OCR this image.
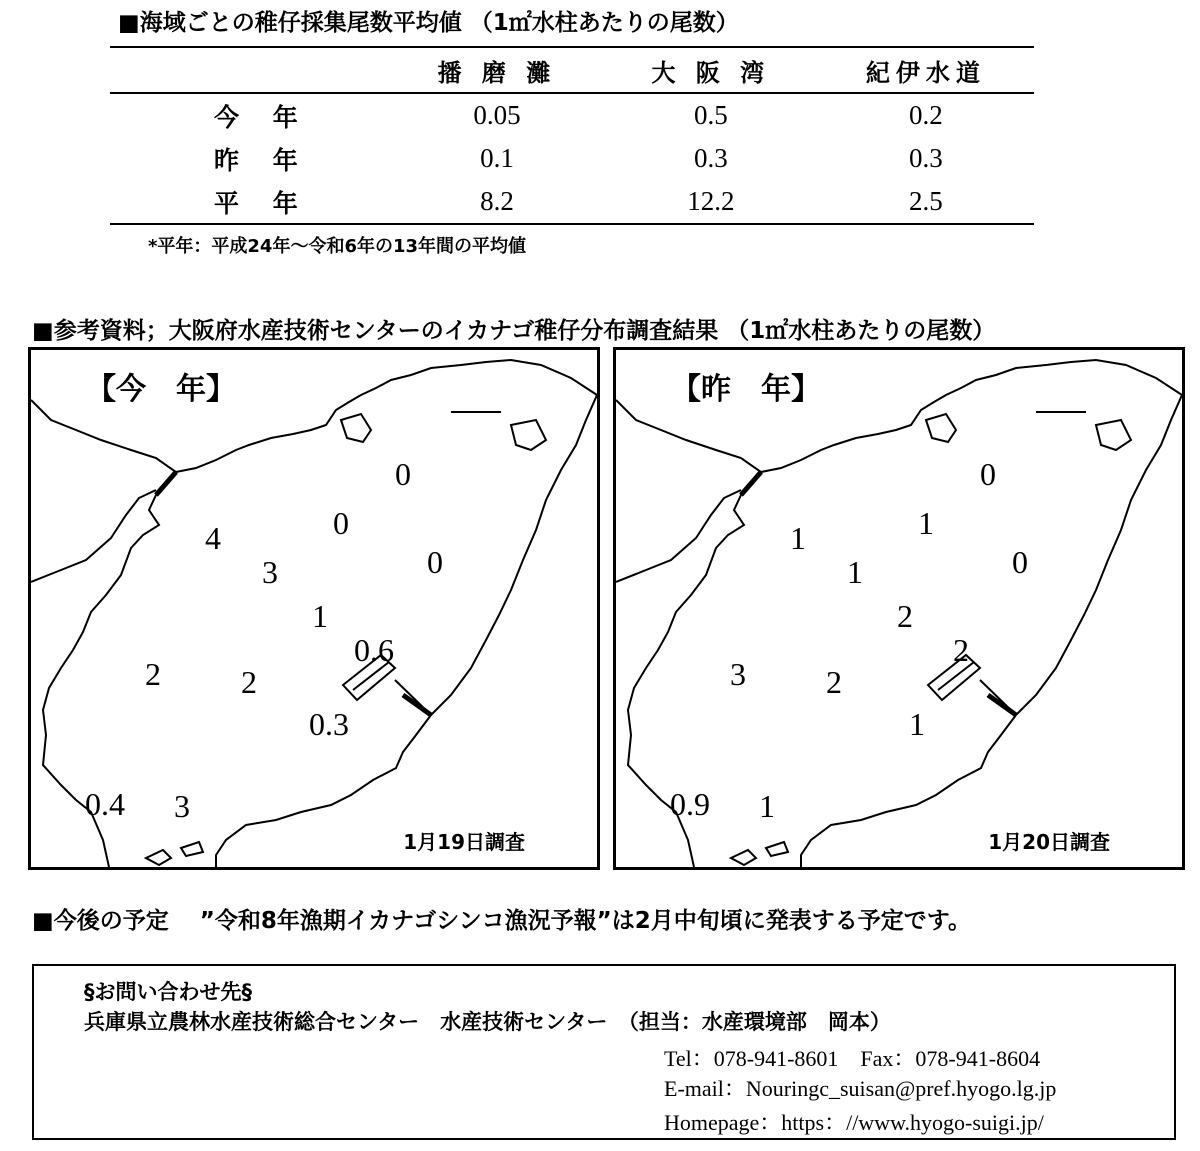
■海域ごとの稚仔採集尾数平均値 （1㎡水柱あたりの尾数）
	播 磨 灘	大 阪 湾	紀伊水道
今　 年	0.05	0.5	0.2
昨　 年	0.1	0.3	0.3
平　 年	8.2	12.2	2.5
*平年：平成24年～令和6年の13年間の平均値
■参考資料；大阪府水産技術センターのイカナゴ稚仔分布調査結果 （1㎡水柱あたりの尾数）
【今　年】
0
4	0
3	0
1
0.6
2	2
0.3
0.4 3
1月19日調査
【昨　年】
0
1	1
1	0
2
2
3	2
1
0.9 1
1月20日調査
■今後の予定　 ”令和8年漁期イカナゴシンコ漁況予報”は2月中旬頃に発表する予定です。
§お問い合わせ先§
兵庫県立農林水産技術総合センター　水産技術センター　（担当：水産環境部　岡本）
Tel：078-941-8601　Fax：078-941-8604
E-mail：Nouringc_suisan@pref.hyogo.lg.jp
Homepage：https：//www.hyogo-suigi.jp/
